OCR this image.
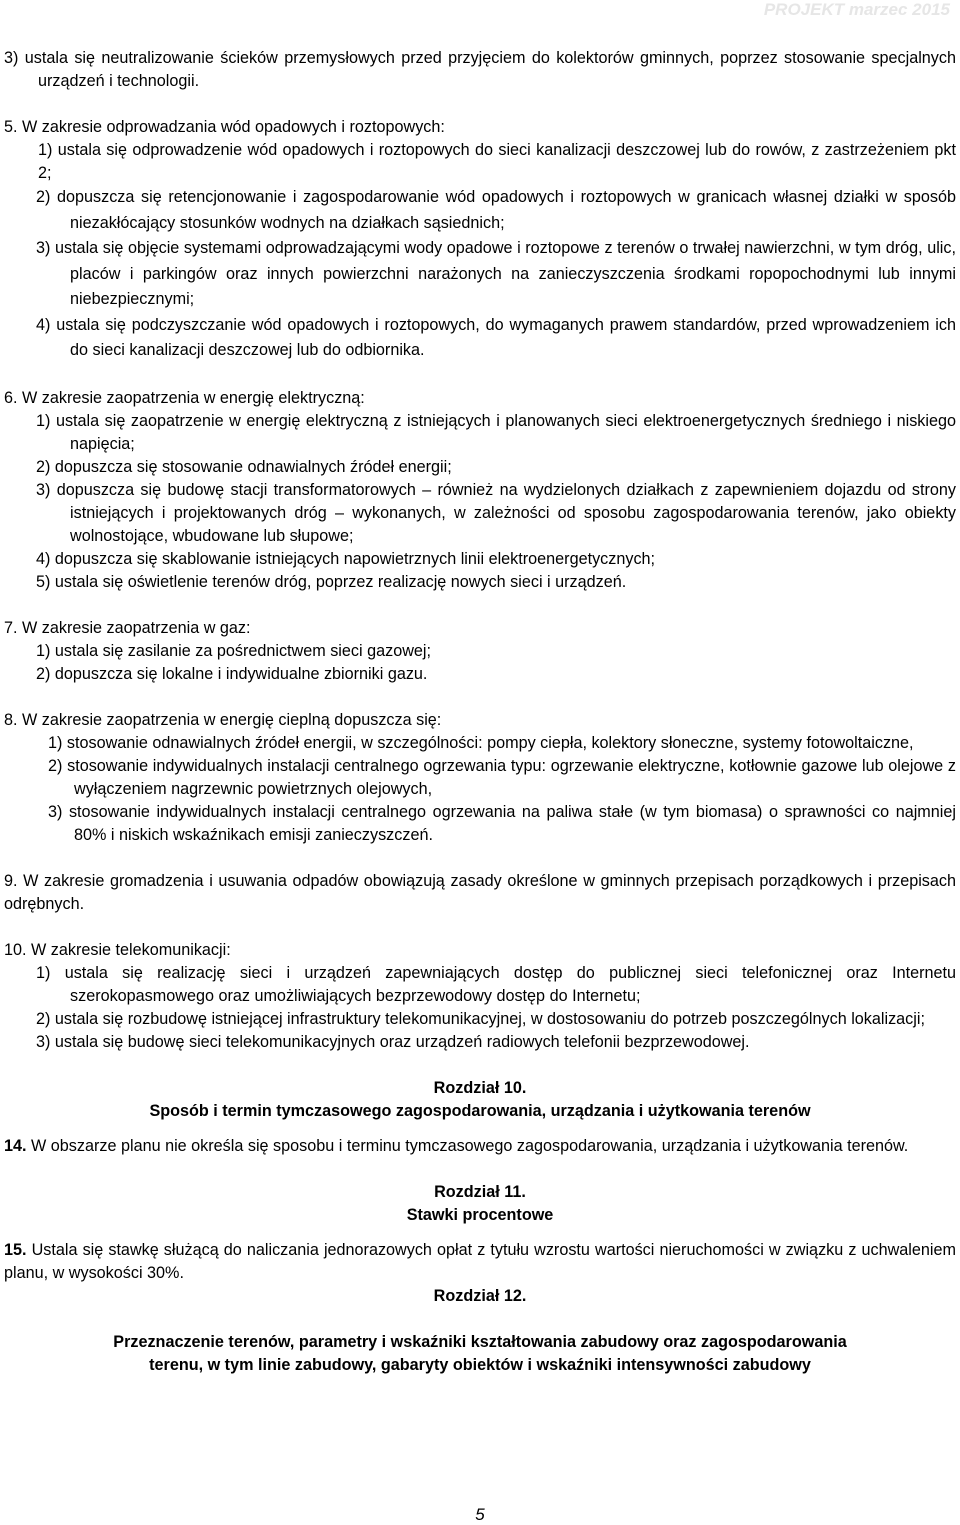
PROJEKT marzec 2015

3) ustala się neutralizowanie ścieków przemysłowych przed przyjęciem do kolektorów gminnych, poprzez stosowanie specjalnych urządzeń i technologii.

5. W zakresie odprowadzania wód opadowych i roztopowych:

1) ustala się odprowadzenie wód opadowych i roztopowych do sieci kanalizacji deszczowej lub do rowów, z zastrzeżeniem pkt 2;

2) dopuszcza się retencjonowanie i zagospodarowanie wód opadowych i roztopowych w granicach własnej działki w sposób niezakłócający stosunków wodnych na działkach sąsiednich;

3) ustala się objęcie systemami odprowadzającymi wody opadowe i roztopowe z terenów o trwałej nawierzchni, w tym dróg, ulic, placów i parkingów oraz innych powierzchni narażonych na zanieczyszczenia środkami ropopochodnymi lub innymi niebezpiecznymi;

4) ustala się podczyszczanie wód opadowych i roztopowych, do wymaganych prawem standardów, przed wprowadzeniem ich do sieci kanalizacji deszczowej lub do odbiornika.

6. W zakresie zaopatrzenia w energię elektryczną:

1) ustala się zaopatrzenie w energię elektryczną z istniejących i planowanych sieci elektroenergetycznych średniego i niskiego napięcia;

2) dopuszcza się stosowanie odnawialnych źródeł energii;

3) dopuszcza się budowę stacji transformatorowych – również na wydzielonych działkach z zapewnieniem dojazdu od strony istniejących i projektowanych dróg – wykonanych, w zależności od sposobu zagospodarowania terenów, jako obiekty wolnostojące, wbudowane lub słupowe;

4) dopuszcza się skablowanie istniejących napowietrznych linii elektroenergetycznych;

5) ustala się oświetlenie terenów dróg, poprzez realizację nowych sieci i urządzeń.

7. W zakresie zaopatrzenia w gaz:

1) ustala się zasilanie za pośrednictwem sieci gazowej;

2) dopuszcza się lokalne i indywidualne zbiorniki gazu.

8. W zakresie zaopatrzenia w energię cieplną dopuszcza się:

1) stosowanie odnawialnych źródeł energii, w szczególności: pompy ciepła, kolektory słoneczne, systemy fotowoltaiczne,

2) stosowanie indywidualnych instalacji centralnego ogrzewania typu: ogrzewanie elektryczne, kotłownie gazowe lub olejowe z wyłączeniem nagrzewnic powietrznych olejowych,

3) stosowanie indywidualnych instalacji centralnego ogrzewania na paliwa stałe (w tym biomasa) o sprawności co najmniej 80% i niskich wskaźnikach emisji zanieczyszczeń.

9. W zakresie gromadzenia i usuwania odpadów obowiązują zasady określone w gminnych przepisach porządkowych i przepisach odrębnych.

10. W zakresie telekomunikacji:

1) ustala się realizację sieci i urządzeń zapewniających dostęp do publicznej sieci telefonicznej oraz Internetu szerokopasmowego oraz umożliwiających bezprzewodowy dostęp do Internetu;

2) ustala się rozbudowę istniejącej infrastruktury telekomunikacyjnej, w dostosowaniu do potrzeb poszczególnych lokalizacji;

3) ustala się budowę sieci telekomunikacyjnych oraz urządzeń radiowych telefonii bezprzewodowej.

Rozdział 10.

Sposób i termin tymczasowego zagospodarowania, urządzania i użytkowania terenów

14. W obszarze planu nie określa się sposobu i terminu tymczasowego zagospodarowania, urządzania i użytkowania terenów.

Rozdział 11.

Stawki procentowe

15. Ustala się stawkę służącą do naliczania jednorazowych opłat z tytułu wzrostu wartości nieruchomości w związku z uchwaleniem planu, w wysokości 30%.

Rozdział 12.

Przeznaczenie terenów, parametry i wskaźniki kształtowania zabudowy oraz zagospodarowania

terenu, w tym linie zabudowy, gabaryty obiektów i wskaźniki intensywności zabudowy

5
